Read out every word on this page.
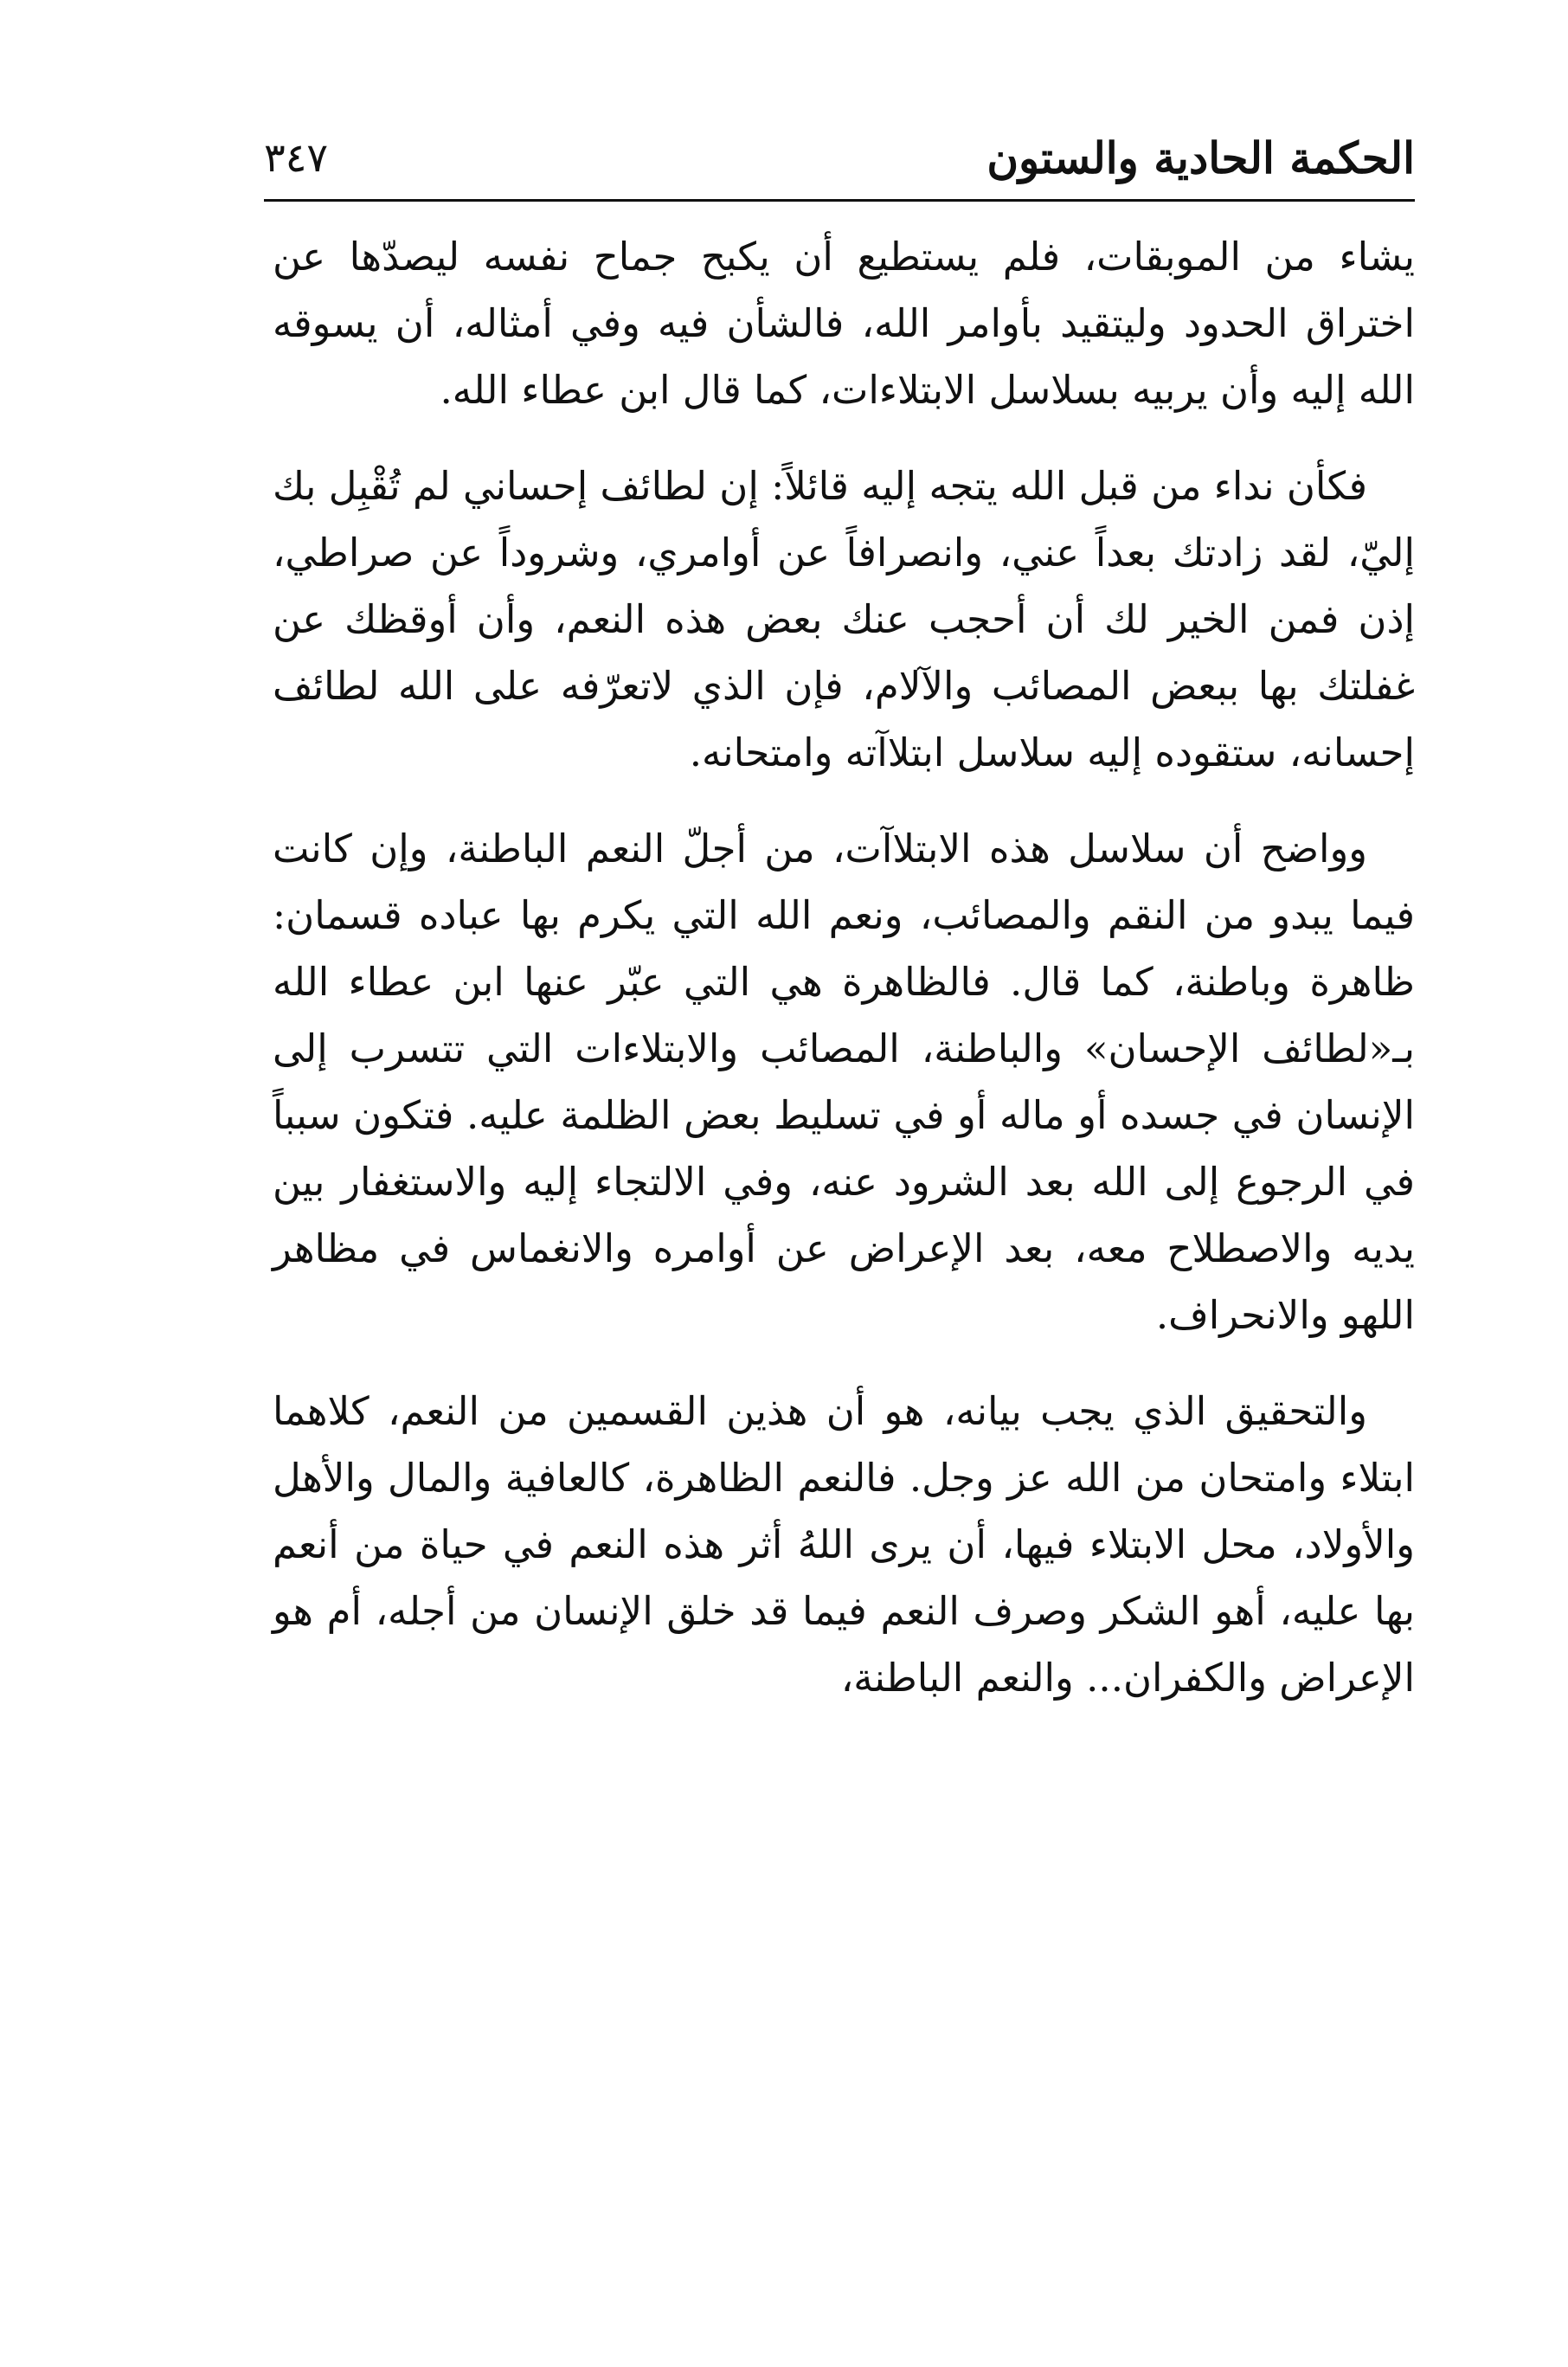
الحكمة الحادية والستون
٣٤٧

يشاء من الموبقات، فلم يستطيع أن يكبح جماح نفسه ليصدّها عن اختراق الحدود وليتقيد بأوامر الله، فالشأن فيه وفي أمثاله، أن يسوقه الله إليه وأن يربيه بسلاسل الابتلاءات، كما قال ابن عطاء الله.

فكأن نداء من قبل الله يتجه إليه قائلاً: إن لطائف إحساني لم تُقْبِل بك إليّ، لقد زادتك بعداً عني، وانصرافاً عن أوامري، وشروداً عن صراطي، إذن فمن الخير لك أن أحجب عنك بعض هذه النعم، وأن أوقظك عن غفلتك بها ببعض المصائب والآلام، فإن الذي لاتعرّفه على الله لطائف إحسانه، ستقوده إليه سلاسل ابتلاآته وامتحانه.

وواضح أن سلاسل هذه الابتلاآت، من أجلّ النعم الباطنة، وإن كانت فيما يبدو من النقم والمصائب، ونعم الله التي يكرم بها عباده قسمان: ظاهرة وباطنة، كما قال. فالظاهرة هي التي عبّر عنها ابن عطاء الله بـ«لطائف الإحسان» والباطنة، المصائب والابتلاءات التي تتسرب إلى الإنسان في جسده أو ماله أو في تسليط بعض الظلمة عليه. فتكون سبباً في الرجوع إلى الله بعد الشرود عنه، وفي الالتجاء إليه والاستغفار بين يديه والاصطلاح معه، بعد الإعراض عن أوامره والانغماس في مظاهر اللهو والانحراف.

والتحقيق الذي يجب بيانه، هو أن هذين القسمين من النعم، كلاهما ابتلاء وامتحان من الله عز وجل. فالنعم الظاهرة، كالعافية والمال والأهل والأولاد، محل الابتلاء فيها، أن يرى اللهُ أثر هذه النعم في حياة من أنعم بها عليه، أهو الشكر وصرف النعم فيما قد خلق الإنسان من أجله، أم هو الإعراض والكفران... والنعم الباطنة،
